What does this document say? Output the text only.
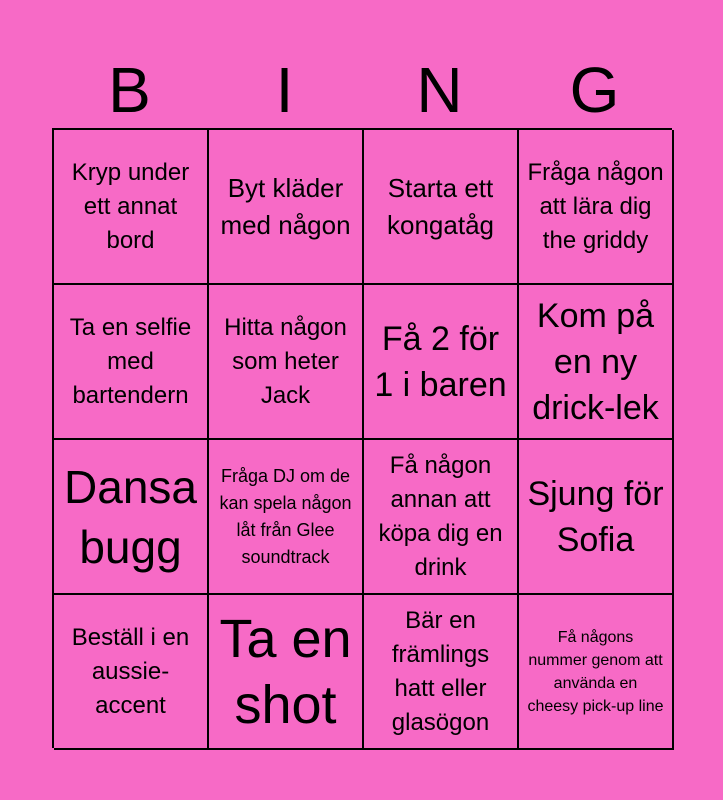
B	I	N	G
Kryp under ett annat bord
Byt kläder med någon
Starta ett kongatåg
Fråga någon att lära dig the griddy
Ta en selfie med bartendern
Hitta någon som heter Jack
Få 2 för 1 i baren
Kom på en ny drick-lek
Dansa bugg
Fråga DJ om de kan spela någon låt från Glee soundtrack
Få någon annan att köpa dig en drink
Sjung för Sofia
Beställ i en aussie-accent
Ta en shot
Bär en främlings hatt eller glasögon
Få någons nummer genom att använda en cheesy pick-up line
